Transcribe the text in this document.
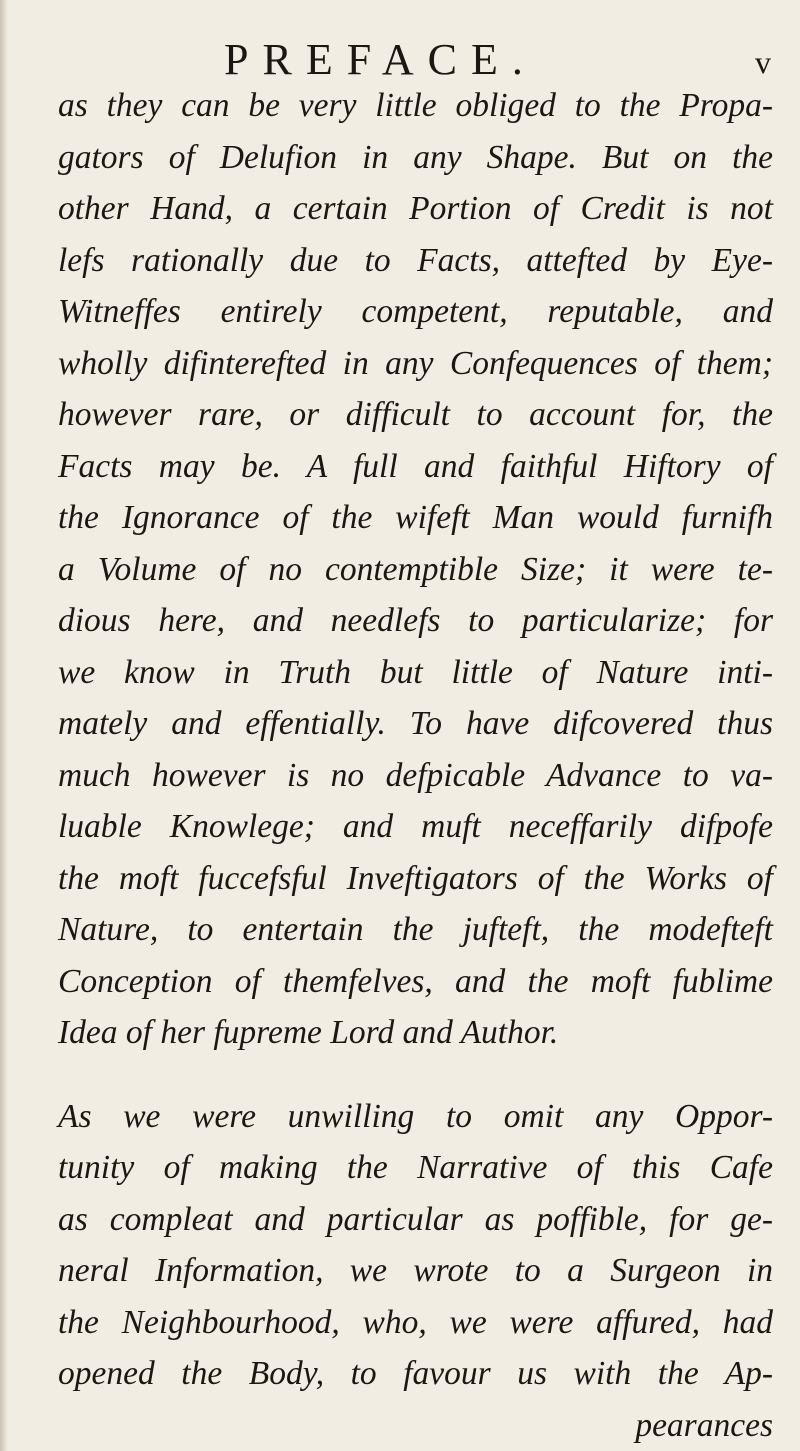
PREFACE.	v
as they can be very little obliged to the Propa-
gators of Delufion in any Shape. But on the
other Hand, a certain Portion of Credit is not
lefs rationally due to Facts, attefted by Eye-
Witneffes entirely competent, reputable, and
wholly difinterefted in any Confequences of them;
however rare, or difficult to account for, the
Facts may be. A full and faithful Hiftory of
the Ignorance of the wifeft Man would furnifh
a Volume of no contemptible Size; it were te-
dious here, and needlefs to particularize; for
we know in Truth but little of Nature inti-
mately and effentially. To have difcovered thus
much however is no defpicable Advance to va-
luable Knowlege; and muft neceffarily difpofe
the moft fuccefsful Inveftigators of the Works of
Nature, to entertain the jufteft, the modefteft
Conception of themfelves, and the moft fublime
Idea of her fupreme Lord and Author.
As we were unwilling to omit any Oppor-
tunity of making the Narrative of this Cafe
as compleat and particular as poffible, for ge-
neral Information, we wrote to a Surgeon in
the Neighbourhood, who, we were affured, had
opened the Body, to favour us with the Ap-
pearances
